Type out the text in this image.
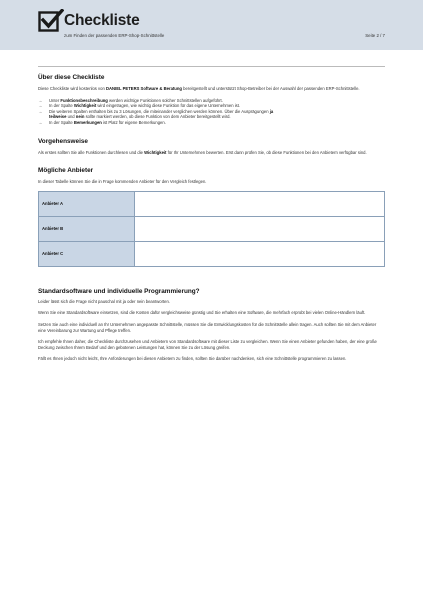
Checkliste
zum Finden der passenden ERP-Shop-Schnittstelle	Seite 2 / 7
Über diese Checkliste

Diese Checkliste wird kostenlos von DANIEL PETERS Software & Beratung bereitgestellt und unterstützt Shop-Betreiber bei der Auswahl der passenden ERP-Schnittstelle.

→ Unter Funktionsbeschreibung werden wichtige Funktionen solcher Schnittstellen aufgeführt.
→ In der Spalte Wichtigkeit wird eingetragen, wie wichtig diese Funktion für das eigene Unternehmen ist.
→ Die weiteren Spalten enthalten bis zu 3 Lösungen, die miteinander verglichen werden können. Über die Ausprägungen ja
teilweise und nein sollte markiert werden, ob diese Funktion von dem Anbieter bereitgestellt wird.
→ In der Spalte Bemerkungen ist Platz für eigene Bemerkungen.
Vorgehensweise

Als erstes sollten Sie alle Funktionen durchlesen und die Wichtigkeit für Ihr Unternehmen bewerten. Erst dann prüfen Sie, ob diese Funktionen bei den Anbietern verfügbar sind.

Mögliche Anbieter

In dieser Tabelle können Sie die in Frage kommenden Anbieter für den Vergleich festlegen.

Anbieter A	
Anbieter B	
Anbieter C	
Standardsoftware und individuelle Programmierung?

Leider lässt sich die Frage nicht pauschal mit ja oder nein beantworten.

Wenn Sie eine Standardsoftware einsetzen, sind die Kosten dafür vergleichsweise günstig und Sie erhalten eine Software, die mehrfach erprobt bei vielen Online-Händlern läuft.

Setzen Sie auch eine individuell an Ihr Unternehmen angepasste Schnittstelle, müssen Sie die Entwicklungskosten für die Schnittstelle allein tragen. Auch sollten Sie mit dem Anbieter eine Vereinbarung zur Wartung und Pflege treffen.

Ich empfehle Ihnen daher, die Checkliste durchzusehen und Anbietern von Standardsoftware mit dieser Liste zu vergleichen. Wenn Sie einen Anbieter gefunden haben, der eine große Deckung zwischen Ihrem Bedarf und den gebotenen Leistungen hat, können Sie zu der Lösung greifen.

Fällt es Ihnen jedoch nicht leicht, Ihre Anforderungen bei diesen Anbietern zu finden, sollten Sie darüber nachdenken, sich eine Schnittstelle programmieren zu lassen.
